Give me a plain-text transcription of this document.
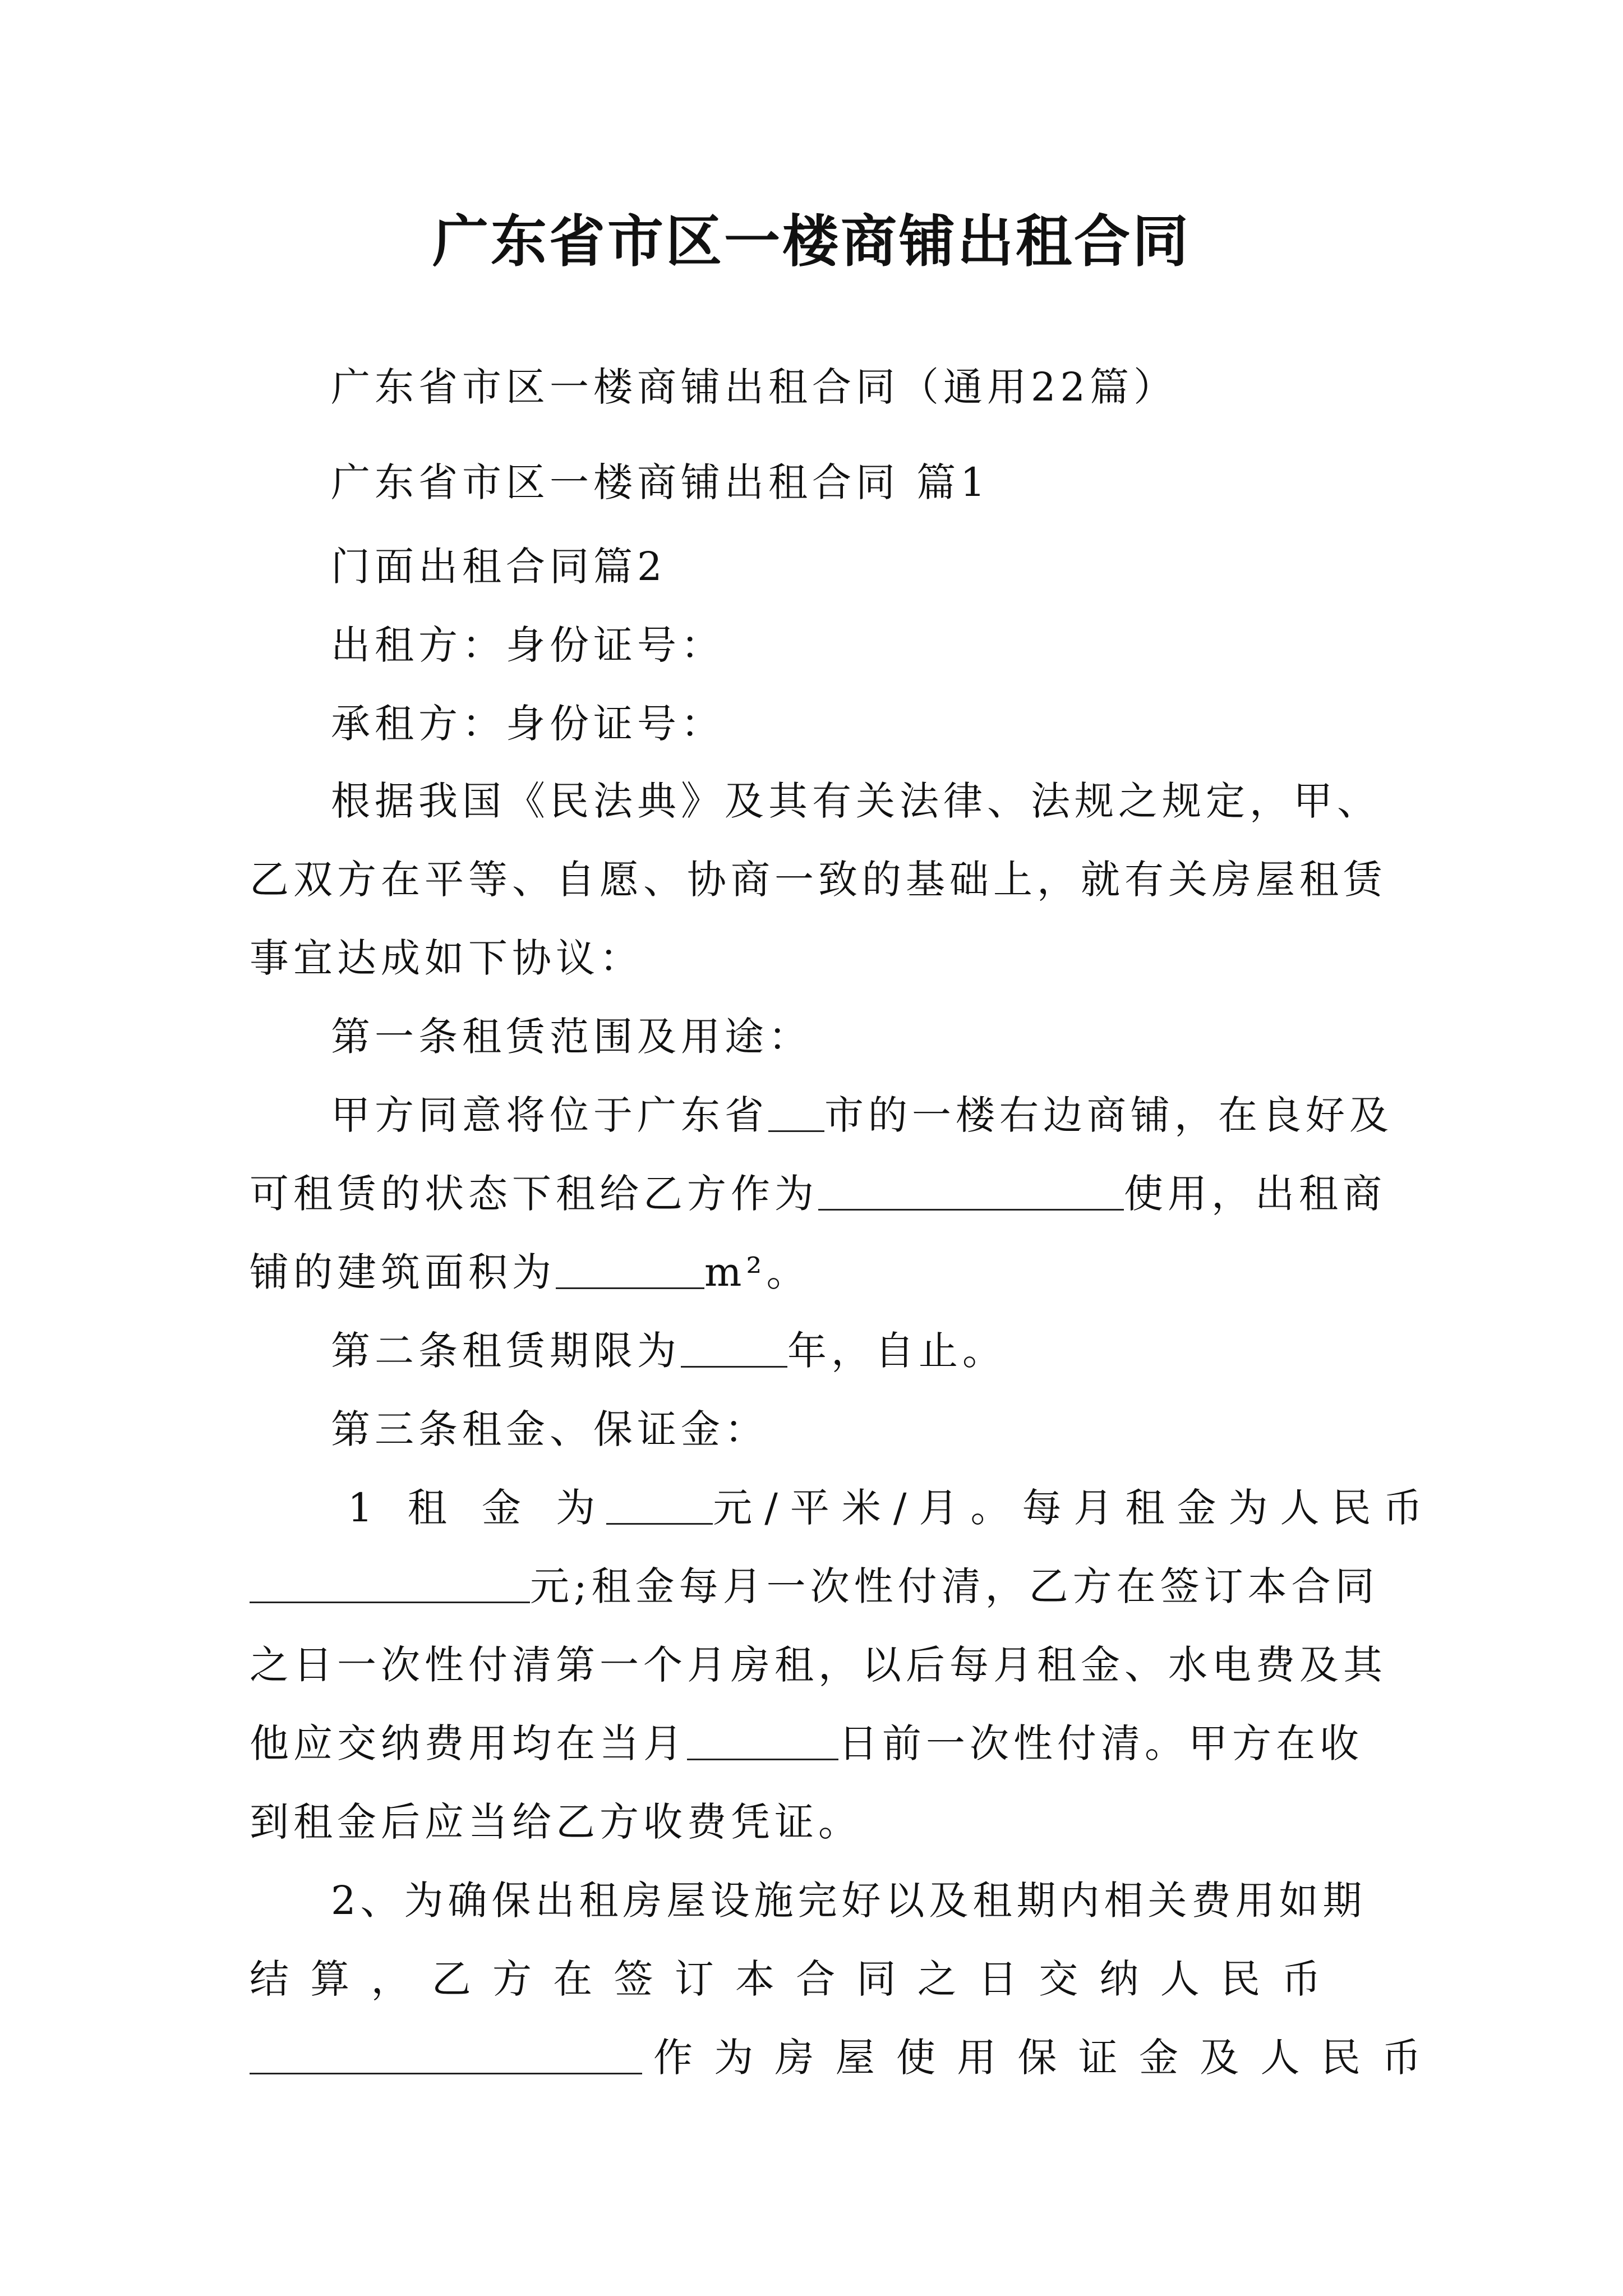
广东省市区一楼商铺出租合同
广东省市区一楼商铺出租合同（通用22篇）
广东省市区一楼商铺出租合同 篇1
门面出租合同篇2
出租方：身份证号：
承租方：身份证号：
根据我国《民法典》及其有关法律、法规之规定，甲、
乙双方在平等、自愿、协商一致的基础上，就有关房屋租赁
事宜达成如下协议：
第一条租赁范围及用途：
甲方同意将位于广东省 市的一楼右边商铺，在良好及
可租赁的状态下租给乙方作为	使用，出租商
铺的建筑面积为	m²。
第二条租赁期限为	年，自止。
第三条租金、保证金：
1 租 金 为	元/平米/月。每月租金为人民币
元;租金每月一次性付清，乙方在签订本合同
之日一次性付清第一个月房租，以后每月租金、水电费及其
他应交纳费用均在当月	日前一次性付清。甲方在收
到租金后应当给乙方收费凭证。
2、为确保出租房屋设施完好以及租期内相关费用如期
结 算 ， 乙 方 在 签 订 本 合 同 之 日 交 纳 人 民 币
作 为 房 屋 使 用 保 证 金 及 人 民 币
